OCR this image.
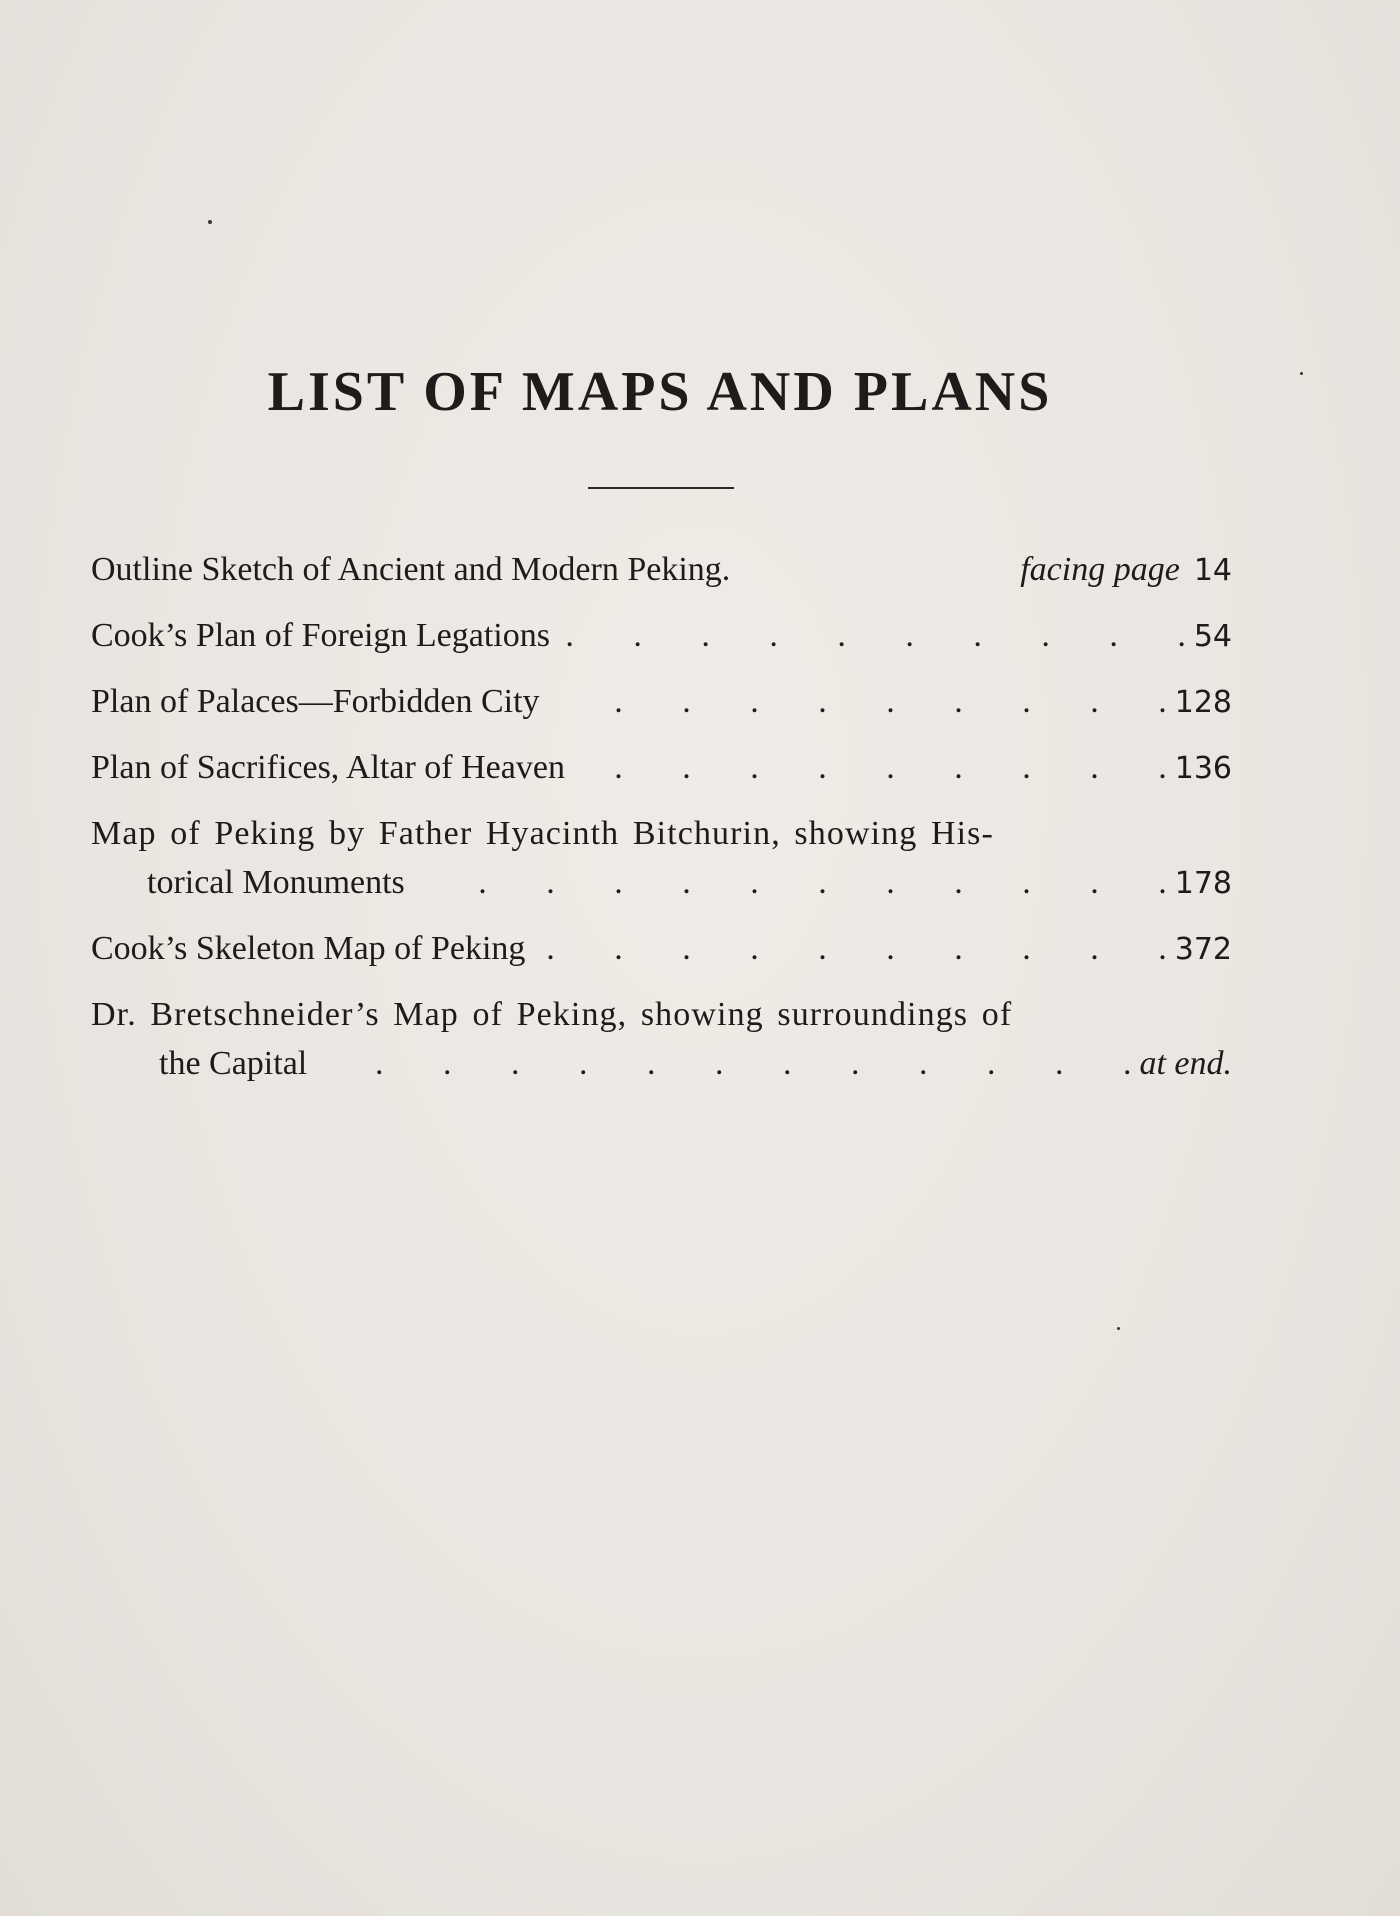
LIST OF MAPS AND PLANS
Outline Sketch of Ancient and Modern Peking.	facing page 14
Cook’s Plan of Foreign Legations .	54
Plan of Palaces—Forbidden City .	128
Plan of Sacrifices, Altar of Heaven .	136
Map of Peking by Father Hyacinth Bitchurin, showing His-
torical Monuments .	178
Cook’s Skeleton Map of Peking .	372
Dr. Bretschneider’s Map of Peking, showing surroundings of
the Capital .	at end.
